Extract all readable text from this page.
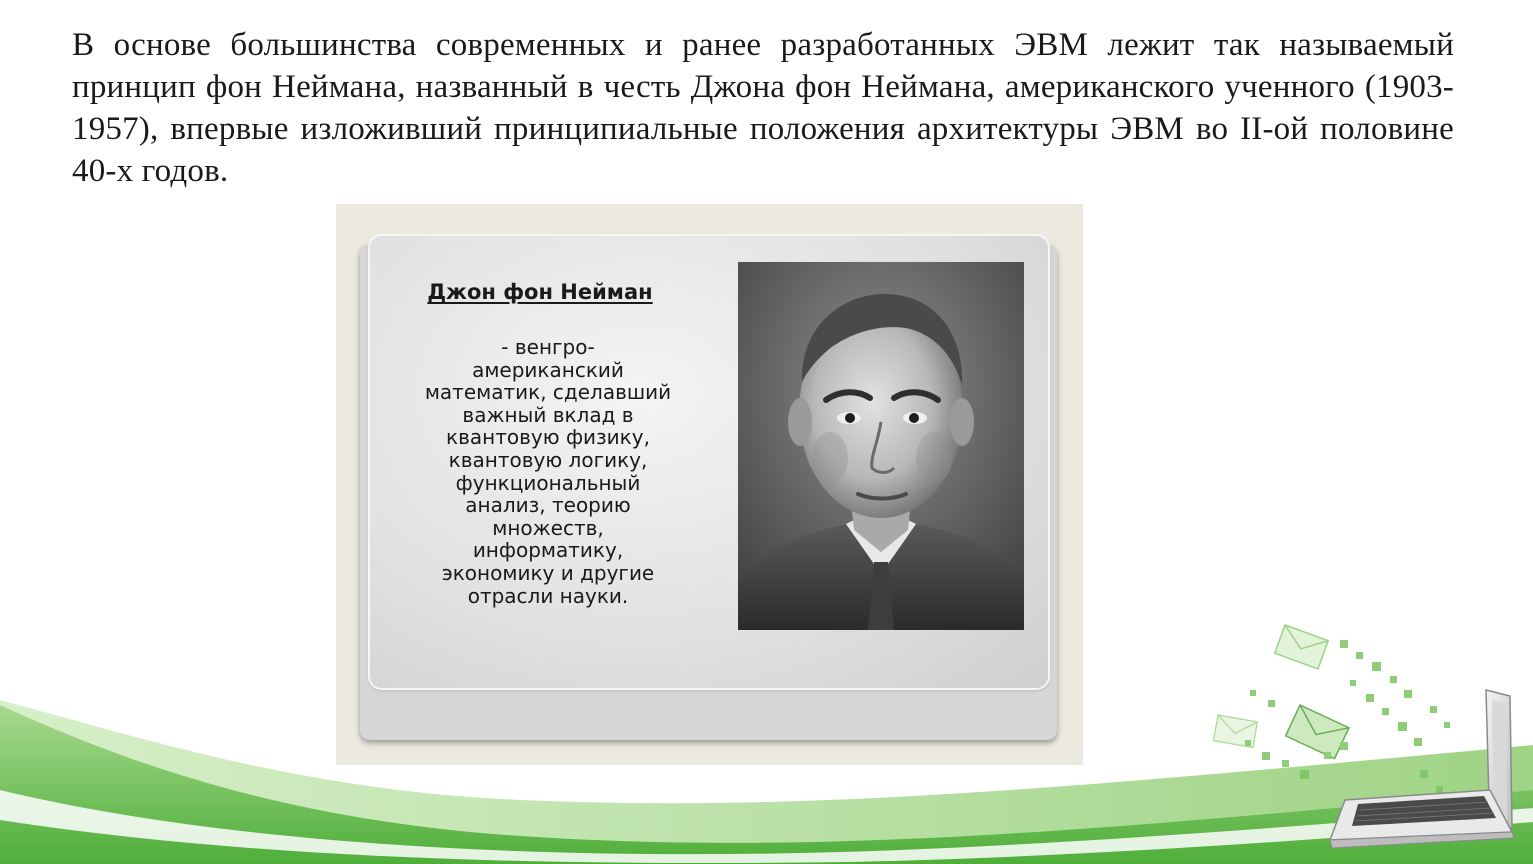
В основе большинства современных и ранее разработанных ЭВМ лежит так называемый принцип фон Неймана, названный в честь Джона фон Неймана, американского ученного (1903-1957), впервые изложивший принципиальные положения архитектуры ЭВМ во II-ой половине 40-х годов.

Джон фон Нейман
- венгро-
американский
математик, сделавший
важный вклад в
квантовую физику,
квантовую логику,
функциональный
анализ, теорию
множеств,
информатику,
экономику и другие
отрасли науки.
